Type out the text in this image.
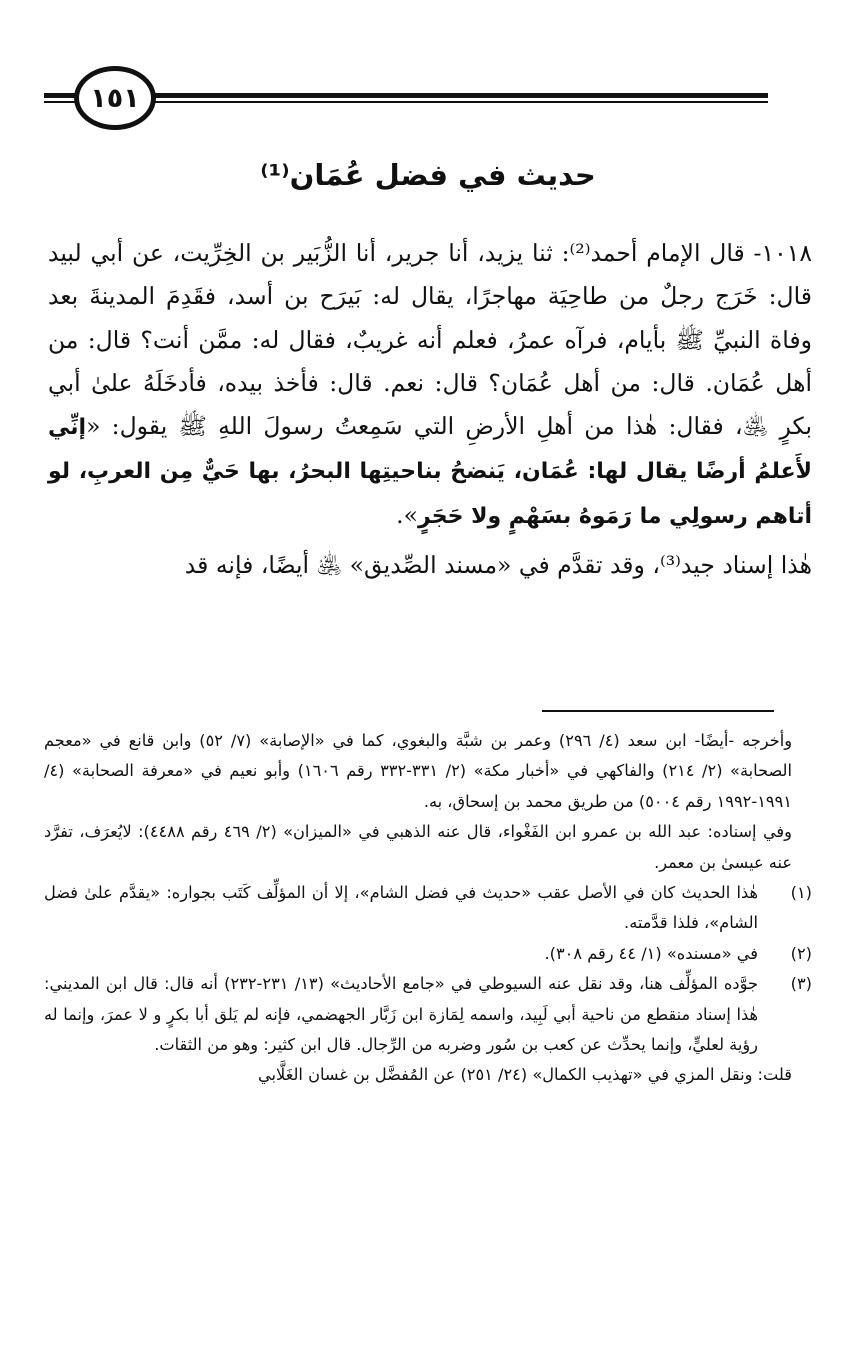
١٥١
حديث في فضل عُمَان⁽¹⁾

١٠١٨- قال الإمام أحمد⁽²⁾: ثنا يزيد، أنا جرير، أنا الزُّبَير بن الخِرِّيت، عن أبي لبيد قال: خَرَج رجلٌ من طاحِيَة مهاجرًا، يقال له: بَيرَح بن أسد، فقَدِمَ المدينةَ بعد وفاة النبيِّ ﷺ بأيام، فرآه عمرُ، فعلم أنه غريبٌ، فقال له: ممَّن أنت؟ قال: من أهل عُمَان. قال: من أهل عُمَان؟ قال: نعم. قال: فأخذ بيده، فأدخَلَهُ علىٰ أبي بكرٍ ﵁، فقال: هٰذا من أهلِ الأرضِ التي سَمِعتُ رسولَ اللهِ ﷺ يقول: «إنِّي لأَعلمُ أرضًا يقال لها: عُمَان، يَنضحُ بناحيتِها البحرُ، بها حَيٌّ مِن العربِ، لو أتاهم رسولِي ما رَمَوهُ بسَهْمٍ ولا حَجَرٍ».

هٰذا إسناد جيد⁽³⁾، وقد تقدَّم في «مسند الصِّديق» ﵁ أيضًا، فإنه قد

وأخرجه -أيضًا- ابن سعد (٤/ ٢٩٦) وعمر بن شبَّة والبغوي، كما في «الإصابة» (٧/ ٥٢) وابن قانع في «معجم الصحابة» (٢/ ٢١٤) والفاكهي في «أخبار مكة» (٢/ ٣٣١-٣٣٢ رقم ١٦٠٦) وأبو نعيم في «معرفة الصحابة» (٤/ ١٩٩١-١٩٩٢ رقم ٥٠٠٤) من طريق محمد بن إسحاق، به.

وفي إسناده: عبد الله بن عمرو ابن الفَغْواء، قال عنه الذهبي في «الميزان» (٢/ ٤٦٩ رقم ٤٤٨٨): لايُعرَف، تفرَّد عنه عيسىٰ بن معمر.

(١)
هٰذا الحديث كان في الأصل عقب «حديث في فضل الشام»، إلا أن المؤلِّف كَتَب بجواره: «يقدَّم علىٰ فضل الشام»، فلذا قدَّمته.
(٢)
في «مسنده» (١/ ٤٤ رقم ٣٠٨).
(٣)
جوَّده المؤلِّف هنا، وقد نقل عنه السيوطي في «جامع الأحاديث» (١٣/ ٢٣١-٢٣٢) أنه قال: قال ابن المديني: هٰذا إسناد منقطع من ناحية أبي لَبِيد، واسمه لِمَازة ابن زَبَّار الجهضمي، فإنه لم يَلق أبا بكرٍ و لا عمرَ، وإنما له رؤية لعليٍّ، وإنما يحدِّث عن كعب بن سُور وضربه من الرِّجال. قال ابن كثير: وهو من الثقات.

قلت: ونقل المزي في «تهذيب الكمال» (٢٤/ ٢٥١) عن المُفضَّل بن غسان الغَلَّابي
